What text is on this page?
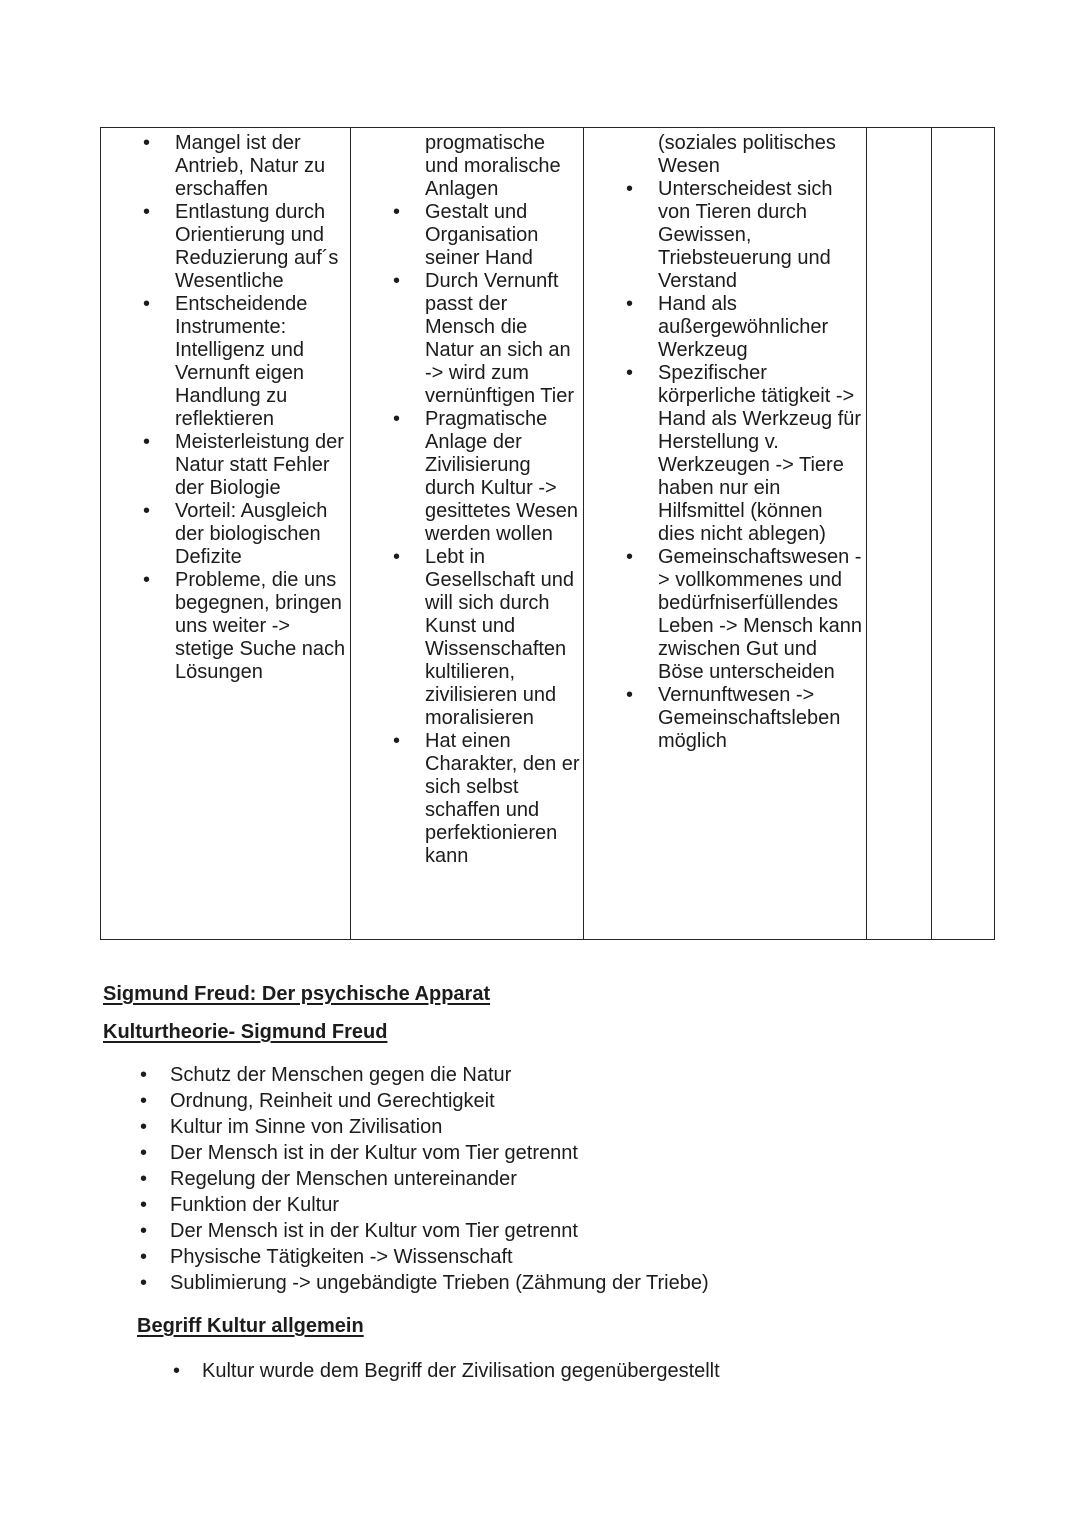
• Mangel ist der Antrieb, Natur zu erschaffen
• Entlastung durch Orientierung und Reduzierung auf´s Wesentliche
• Entscheidende Instrumente: Intelligenz und Vernunft eigen Handlung zu reflektieren
• Meisterleistung der Natur statt Fehler der Biologie
• Vorteil: Ausgleich der biologischen Defizite
• Probleme, die uns begegnen, bringen uns weiter -> stetige Suche nach Lösungen

progmatische und moralische Anlagen
• Gestalt und Organisation seiner Hand
• Durch Vernunft passt der Mensch die Natur an sich an -> wird zum vernünftigen Tier
• Pragmatische Anlage der Zivilisierung durch Kultur -> gesittetes Wesen werden wollen
• Lebt in Gesellschaft und will sich durch Kunst und Wissenschaften kultilieren, zivilisieren und moralisieren
• Hat einen Charakter, den er sich selbst schaffen und perfektionieren kann

(soziales politisches Wesen
• Unterscheidest sich von Tieren durch Gewissen, Triebsteuerung und Verstand
• Hand als außergewöhnlicher Werkzeug
• Spezifischer körperliche tätigkeit -> Hand als Werkzeug für Herstellung v. Werkzeugen -> Tiere haben nur ein Hilfsmittel (können dies nicht ablegen)
• Gemeinschaftswesen -> vollkommenes und bedürfniserfüllendes Leben -> Mensch kann zwischen Gut und Böse unterscheiden
• Vernunftwesen -> Gemeinschaftsleben möglich

Sigmund Freud: Der psychische Apparat
Kulturtheorie- Sigmund Freud
• Schutz der Menschen gegen die Natur
• Ordnung, Reinheit und Gerechtigkeit
• Kultur im Sinne von Zivilisation
• Der Mensch ist in der Kultur vom Tier getrennt
• Regelung der Menschen untereinander
• Funktion der Kultur
• Der Mensch ist in der Kultur vom Tier getrennt
• Physische Tätigkeiten -> Wissenschaft
• Sublimierung -> ungebändigte Trieben (Zähmung der Triebe)
Begriff Kultur allgemein
• Kultur wurde dem Begriff der Zivilisation gegenübergestellt
